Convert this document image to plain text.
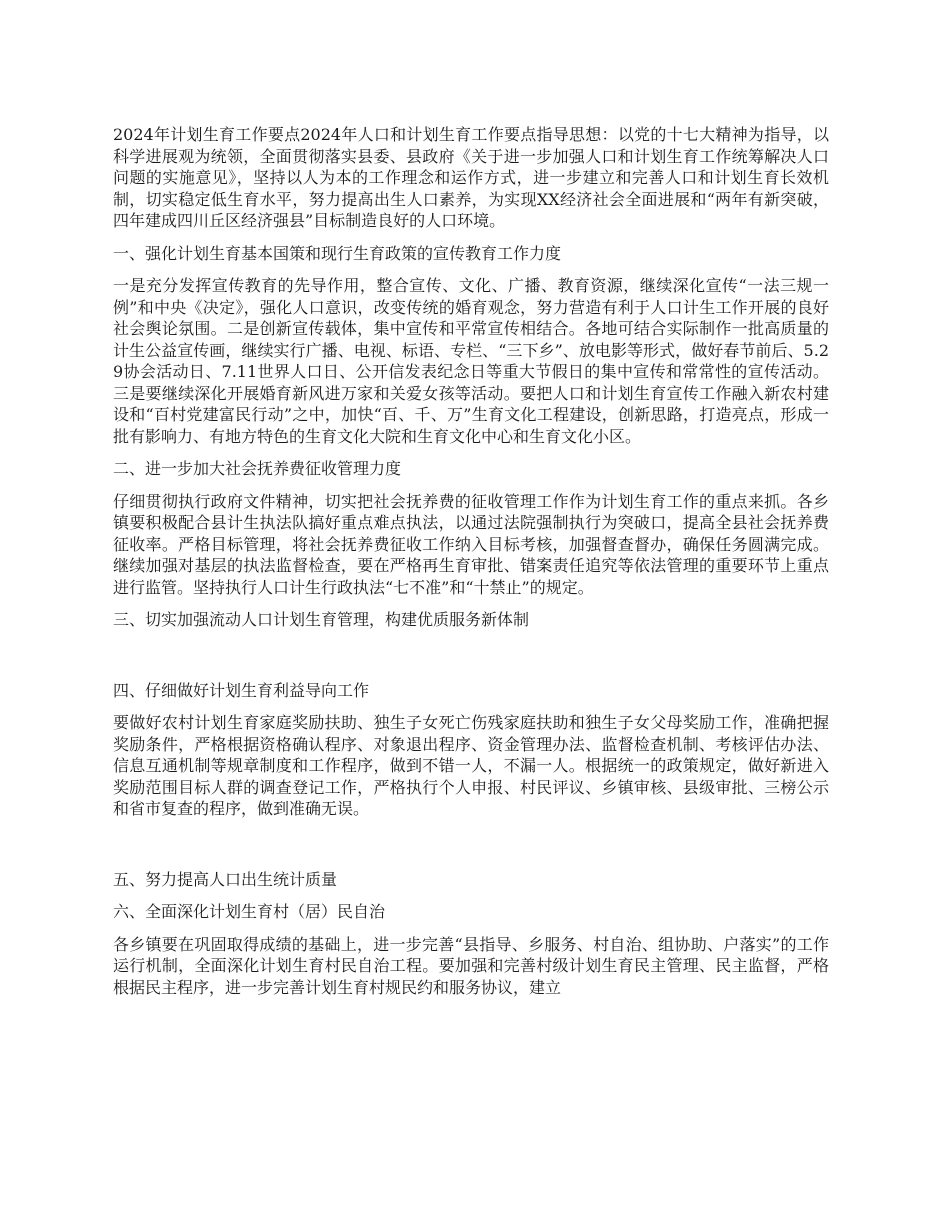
2024年计划生育工作要点2024年人口和计划生育工作要点指导思想：以党的十七大精神为指导，以科学进展观为统领，全面贯彻落实县委、县政府《关于进一步加强人口和计划生育工作统筹解决人口问题的实施意见》，坚持以人为本的工作理念和运作方式，进一步建立和完善人口和计划生育长效机制，切实稳定低生育水平，努力提高出生人口素养，为实现XX经济社会全面进展和“两年有新突破，四年建成四川丘区经济强县”目标制造良好的人口环境。

一、强化计划生育基本国策和现行生育政策的宣传教育工作力度

一是充分发挥宣传教育的先导作用，整合宣传、文化、广播、教育资源，继续深化宣传“一法三规一例”和中央《决定》，强化人口意识，改变传统的婚育观念，努力营造有利于人口计生工作开展的良好社会舆论氛围。二是创新宣传载体，集中宣传和平常宣传相结合。各地可结合实际制作一批高质量的计生公益宣传画，继续实行广播、电视、标语、专栏、“三下乡”、放电影等形式，做好春节前后、5.29协会活动日、7.11世界人口日、公开信发表纪念日等重大节假日的集中宣传和常常性的宣传活动。三是要继续深化开展婚育新风进万家和关爱女孩等活动。要把人口和计划生育宣传工作融入新农村建设和“百村党建富民行动”之中，加快“百、千、万”生育文化工程建设，创新思路，打造亮点，形成一批有影响力、有地方特色的生育文化大院和生育文化中心和生育文化小区。

二、进一步加大社会抚养费征收管理力度

仔细贯彻执行政府文件精神，切实把社会抚养费的征收管理工作作为计划生育工作的重点来抓。各乡镇要积极配合县计生执法队搞好重点难点执法，以通过法院强制执行为突破口，提高全县社会抚养费征收率。严格目标管理，将社会抚养费征收工作纳入目标考核，加强督查督办，确保任务圆满完成。继续加强对基层的执法监督检查，要在严格再生育审批、错案责任追究等依法管理的重要环节上重点进行监管。坚持执行人口计生行政执法“七不准”和“十禁止”的规定。

三、切实加强流动人口计划生育管理，构建优质服务新体制

四、仔细做好计划生育利益导向工作

要做好农村计划生育家庭奖励扶助、独生子女死亡伤残家庭扶助和独生子女父母奖励工作，准确把握奖励条件，严格根据资格确认程序、对象退出程序、资金管理办法、监督检查机制、考核评估办法、信息互通机制等规章制度和工作程序，做到不错一人，不漏一人。根据统一的政策规定，做好新进入奖励范围目标人群的调查登记工作，严格执行个人申报、村民评议、乡镇审核、县级审批、三榜公示和省市复查的程序，做到准确无误。

五、努力提高人口出生统计质量

六、全面深化计划生育村（居）民自治

各乡镇要在巩固取得成绩的基础上，进一步完善“县指导、乡服务、村自治、组协助、户落实”的工作运行机制，全面深化计划生育村民自治工程。要加强和完善村级计划生育民主管理、民主监督，严格根据民主程序，进一步完善计划生育村规民约和服务协议，建立
